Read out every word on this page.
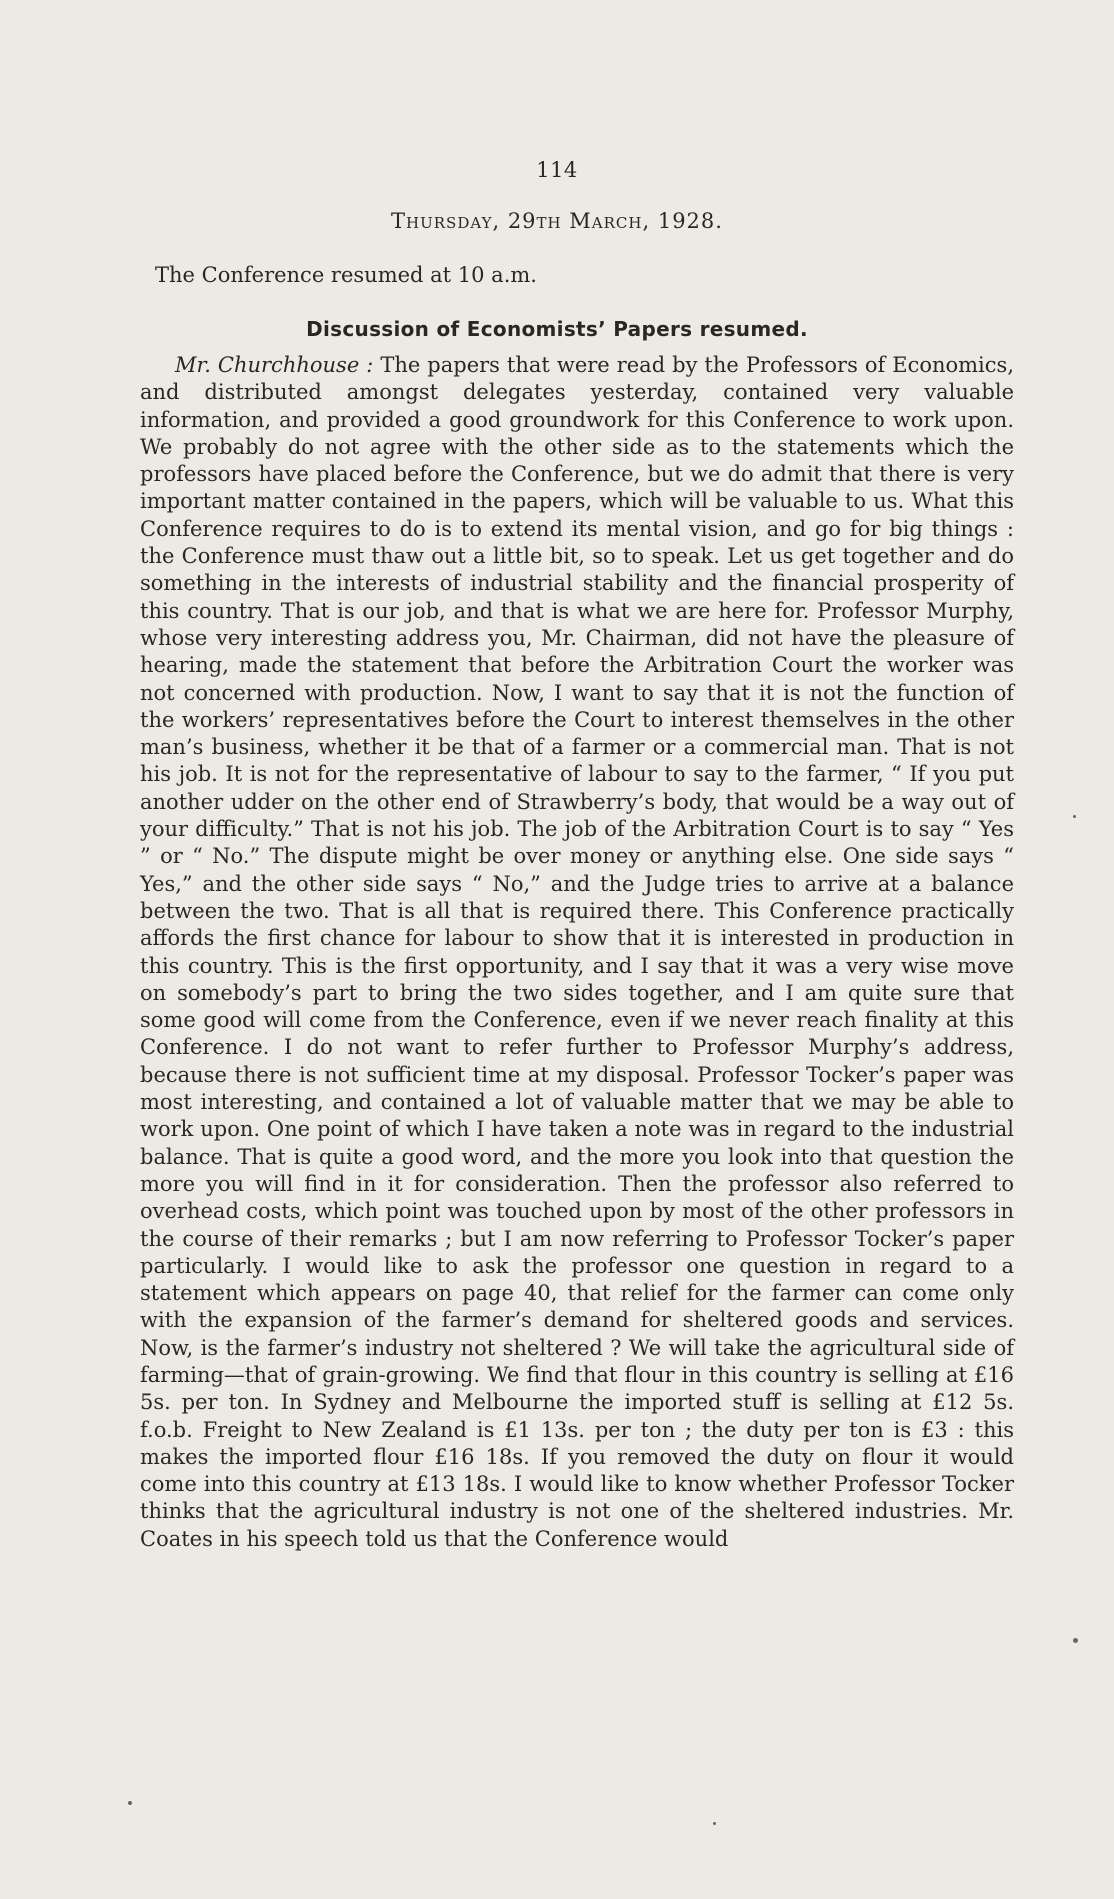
114
Thursday, 29th March, 1928.
The Conference resumed at 10 a.m.
Discussion of Economists’ Papers resumed.

Mr. Churchhouse : The papers that were read by the Professors of Economics, and distributed amongst delegates yesterday, contained very valuable information, and provided a good groundwork for this Conference to work upon. We probably do not agree with the other side as to the statements which the professors have placed before the Conference, but we do admit that there is very important matter contained in the papers, which will be valuable to us. What this Conference requires to do is to extend its mental vision, and go for big things : the Conference must thaw out a little bit, so to speak. Let us get together and do something in the interests of industrial stability and the financial prosperity of this country. That is our job, and that is what we are here for. Professor Murphy, whose very interesting address you, Mr. Chairman, did not have the pleasure of hearing, made the statement that before the Arbitration Court the worker was not concerned with production. Now, I want to say that it is not the function of the workers’ representatives before the Court to interest themselves in the other man’s business, whether it be that of a farmer or a commercial man. That is not his job. It is not for the representative of labour to say to the farmer, “ If you put another udder on the other end of Strawberry’s body, that would be a way out of your difficulty.” That is not his job. The job of the Arbitration Court is to say “ Yes ” or “ No.” The dispute might be over money or anything else. One side says “ Yes,” and the other side says “ No,” and the Judge tries to arrive at a balance between the two. That is all that is required there. This Conference practically affords the first chance for labour to show that it is interested in production in this country. This is the first opportunity, and I say that it was a very wise move on somebody’s part to bring the two sides together, and I am quite sure that some good will come from the Conference, even if we never reach finality at this Conference. I do not want to refer further to Professor Murphy’s address, because there is not sufficient time at my disposal. Professor Tocker’s paper was most interesting, and contained a lot of valuable matter that we may be able to work upon. One point of which I have taken a note was in regard to the industrial balance. That is quite a good word, and the more you look into that question the more you will find in it for consideration. Then the professor also referred to overhead costs, which point was touched upon by most of the other professors in the course of their remarks ; but I am now referring to Professor Tocker’s paper particularly. I would like to ask the professor one question in regard to a statement which appears on page 40, that relief for the farmer can come only with the expansion of the farmer’s demand for sheltered goods and services. Now, is the farmer’s industry not sheltered ? We will take the agricultural side of farming—that of grain-growing. We find that flour in this country is selling at £16 5s. per ton. In Sydney and Melbourne the imported stuff is selling at £12 5s. f.o.b. Freight to New Zealand is £1 13s. per ton ; the duty per ton is £3 : this makes the imported flour £16 18s. If you removed the duty on flour it would come into this country at £13 18s. I would like to know whether Professor Tocker thinks that the agricultural industry is not one of the sheltered industries. Mr. Coates in his speech told us that the Conference would
